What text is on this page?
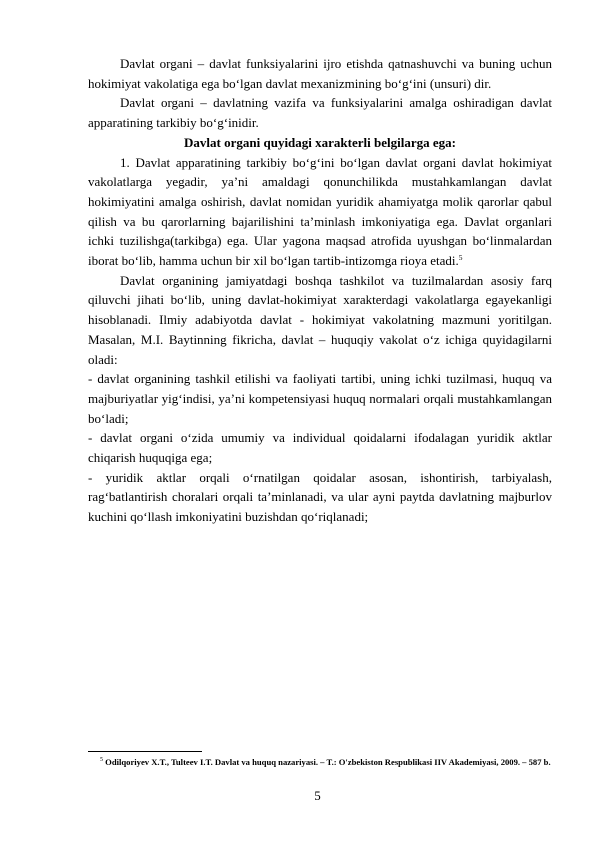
Davlat organi – davlat funksiyalarini ijro etishda qatnashuvchi va buning uchun hokimiyat vakolatiga ega bo‘lgan davlat mexanizmining bo‘g‘ini (unsuri) dir.

Davlat organi – davlatning vazifa va funksiyalarini amalga oshiradigan davlat apparatining tarkibiy bo‘g‘inidir.

Davlat organi quyidagi xarakterli belgilarga ega:

1. Davlat apparatining tarkibiy bo‘g‘ini bo‘lgan davlat organi davlat hokimiyat vakolatlarga yegadir, ya’ni amaldagi qonunchilikda mustahkamlangan davlat hokimiyatini amalga oshirish, davlat nomidan yuridik ahamiyatga molik qarorlar qabul qilish va bu qarorlarning bajarilishini ta’minlash imkoniyatiga ega. Davlat organlari ichki tuzilishga(tarkibga) ega. Ular yagona maqsad atrofida uyushgan bo‘linmalardan iborat bo‘lib, hamma uchun bir xil bo‘lgan tartib-intizomga rioya etadi.$^5$

Davlat organining jamiyatdagi boshqa tashkilot va tuzilmalardan asosiy farq qiluvchi jihati bo‘lib, uning davlat-hokimiyat xarakterdagi vakolatlarga egayekanligi hisoblanadi. Ilmiy adabiyotda davlat - hokimiyat vakolatning mazmuni yoritilgan. Masalan, M.I. Baytinning fikricha, davlat – huquqiy vakolat o‘z ichiga quyidagilarni oladi:

- davlat organining tashkil etilishi va faoliyati tartibi, uning ichki tuzilmasi, huquq va majburiyatlar yig‘indisi, ya’ni kompetensiyasi huquq normalari orqali mustahkamlangan bo‘ladi;

- davlat organi o‘zida umumiy va individual qoidalarni ifodalagan yuridik aktlar chiqarish huquqiga ega;

- yuridik aktlar orqali o‘rnatilgan qoidalar asosan, ishontirish, tarbiyalash, rag‘batlantirish choralari orqali ta’minlanadi, va ular ayni paytda davlatning majburlov kuchini qo‘llash imkoniyatini buzishdan qo‘riqlanadi;

$^5$ Odilqoriyev X.T., Tulteev I.T. Davlat va huquq nazariyasi. – T.: O'zbekiston Respublikasi IIV Akademiyasi, 2009. – 587 b.
5
